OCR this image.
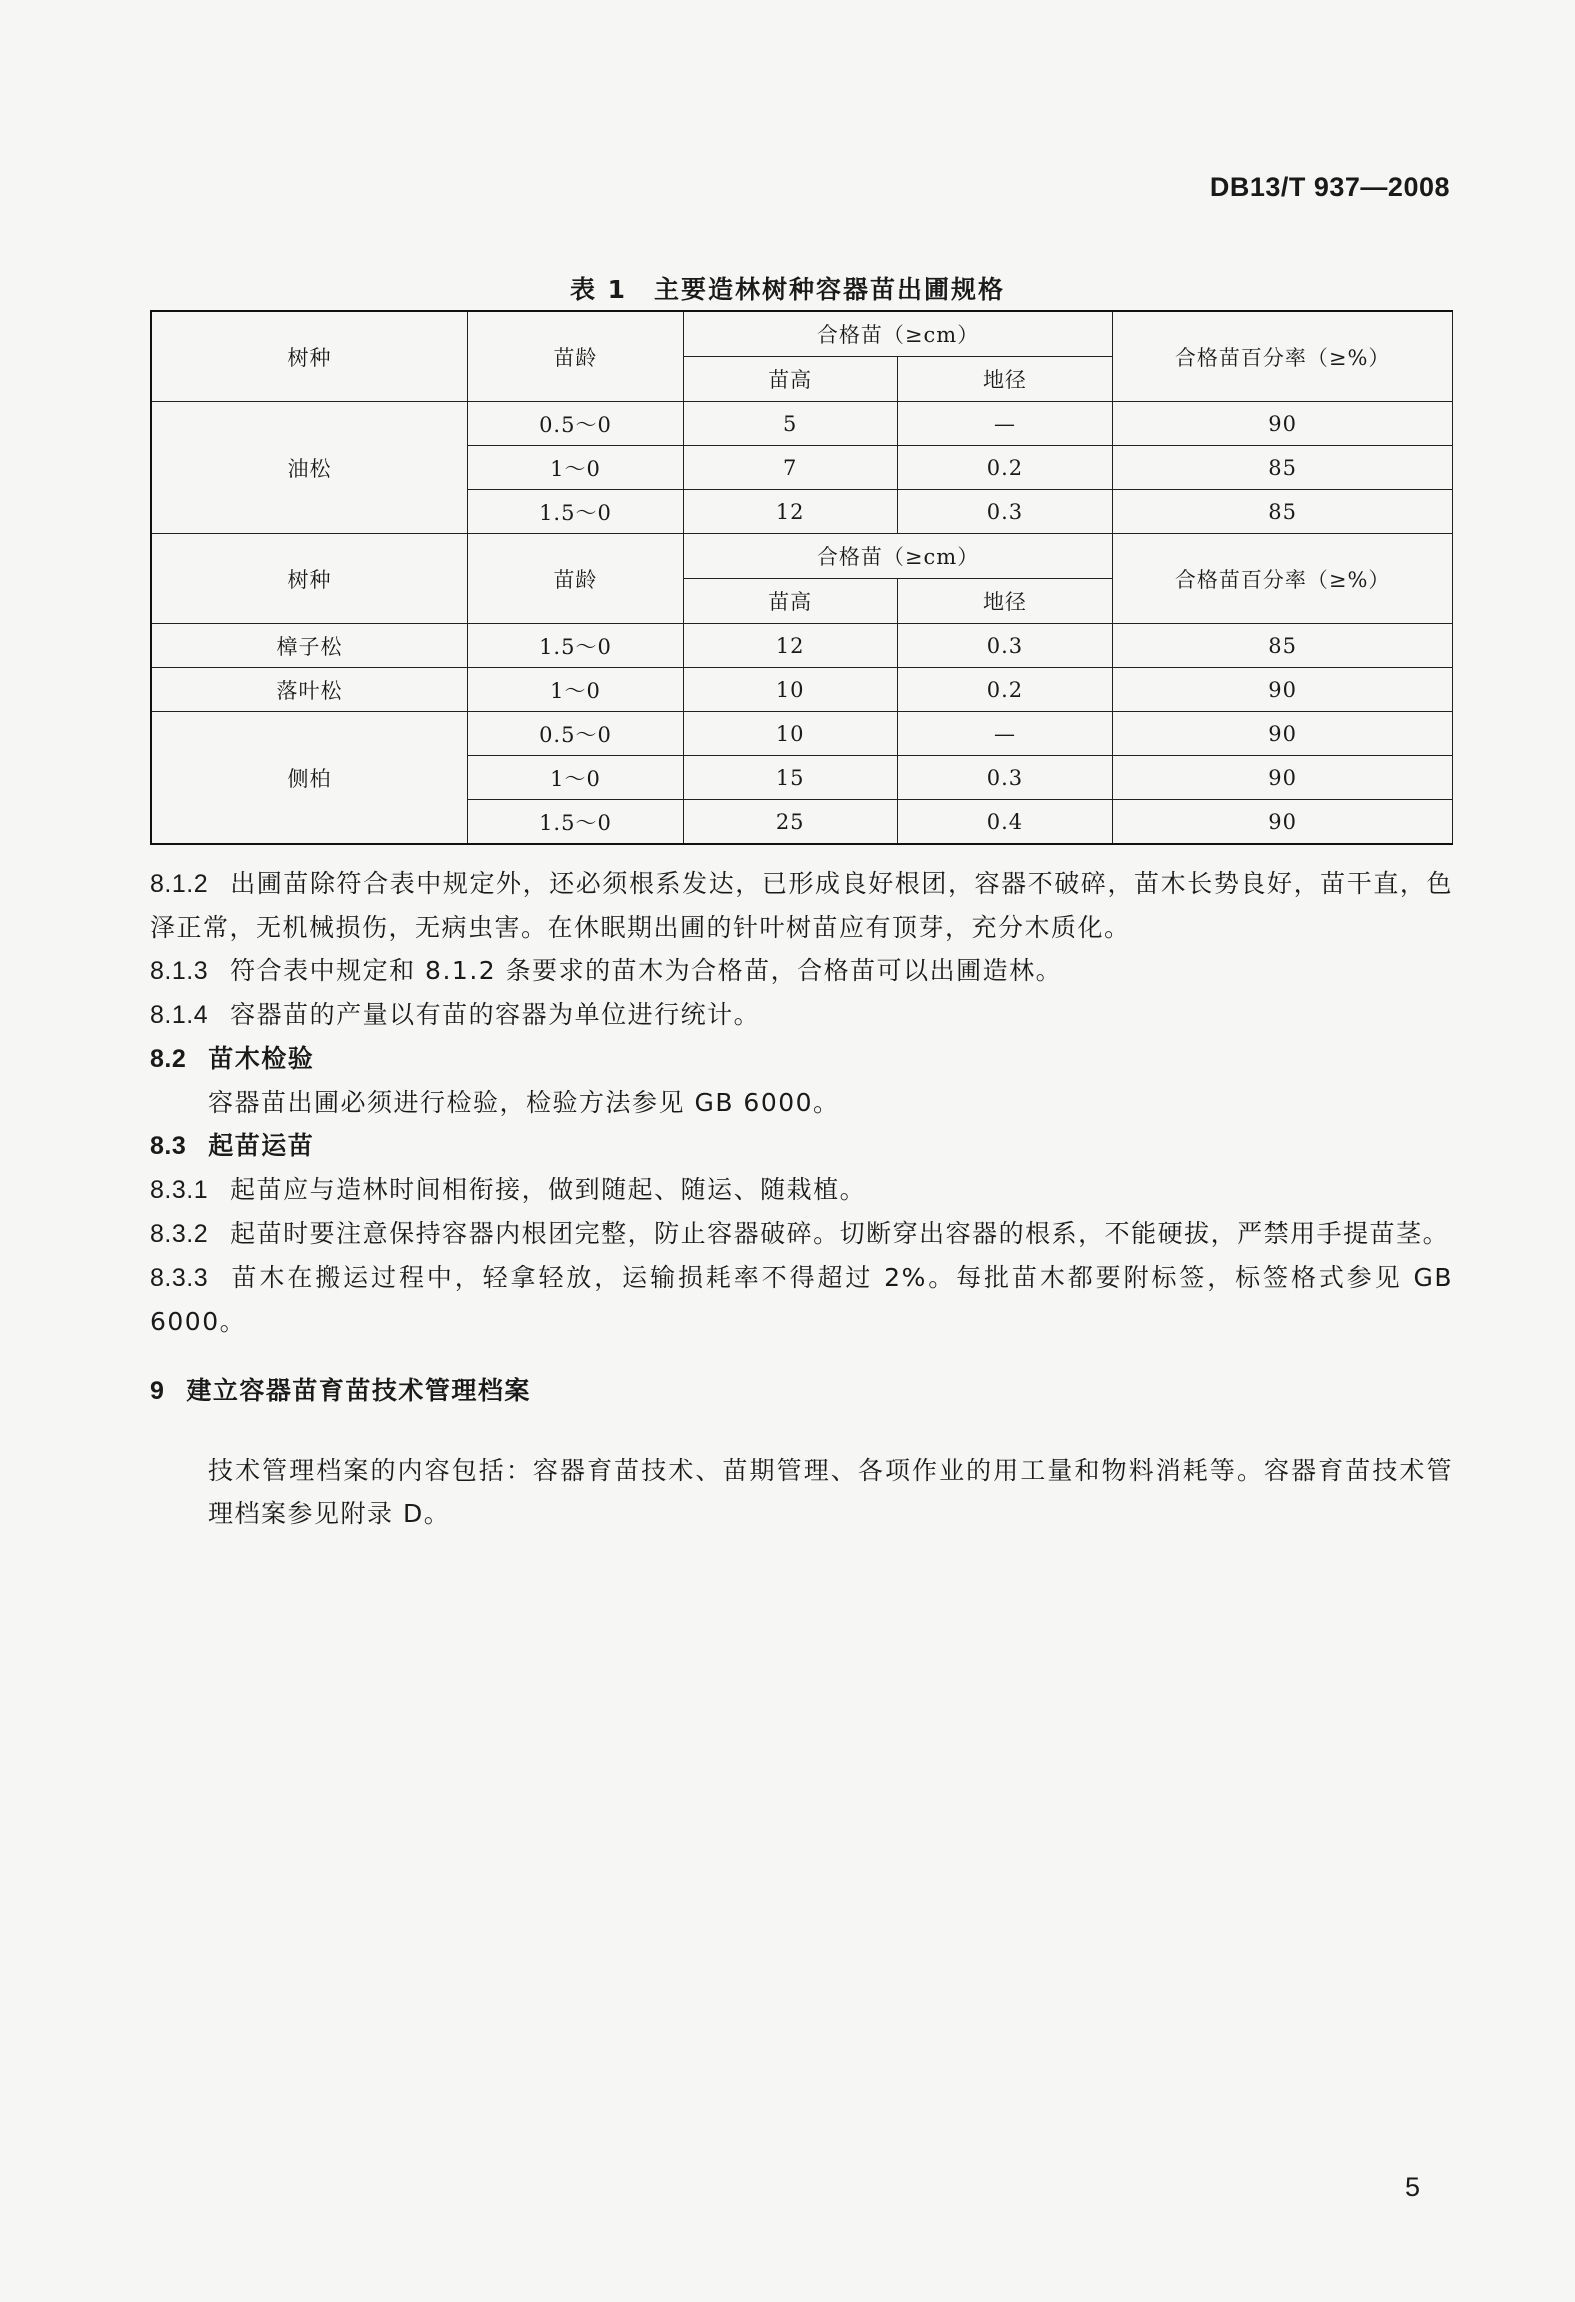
DB13/T 937—2008
表 1　主要造林树种容器苗出圃规格
树种	苗龄	合格苗（≥cm）		合格苗百分率（≥%）
		苗高	地径	
油松	0.5～0	5	—	90
	1～0	7	0.2	85
	1.5～0	12	0.3	85
树种	苗龄	合格苗（≥cm）		合格苗百分率（≥%）
		苗高	地径	
樟子松	1.5～0	12	0.3	85
落叶松	1～0	10	0.2	90
侧柏	0.5～0	10	—	90
	1～0	15	0.3	90
	1.5～0	25	0.4	90

8.1.2 出圃苗除符合表中规定外，还必须根系发达，已形成良好根团，容器不破碎，苗木长势良好，苗干直，色泽正常，无机械损伤，无病虫害。在休眠期出圃的针叶树苗应有顶芽，充分木质化。

8.1.3 符合表中规定和 8.1.2 条要求的苗木为合格苗，合格苗可以出圃造林。

8.1.4 容器苗的产量以有苗的容器为单位进行统计。

8.2 苗木检验

容器苗出圃必须进行检验，检验方法参见 GB 6000。

8.3 起苗运苗

8.3.1 起苗应与造林时间相衔接，做到随起、随运、随栽植。

8.3.2 起苗时要注意保持容器内根团完整，防止容器破碎。切断穿出容器的根系，不能硬拔，严禁用手提苗茎。

8.3.3 苗木在搬运过程中，轻拿轻放，运输损耗率不得超过 2%。每批苗木都要附标签，标签格式参见 GB 6000。

9 建立容器苗育苗技术管理档案

技术管理档案的内容包括：容器育苗技术、苗期管理、各项作业的用工量和物料消耗等。容器育苗技术管理档案参见附录 D。

5
